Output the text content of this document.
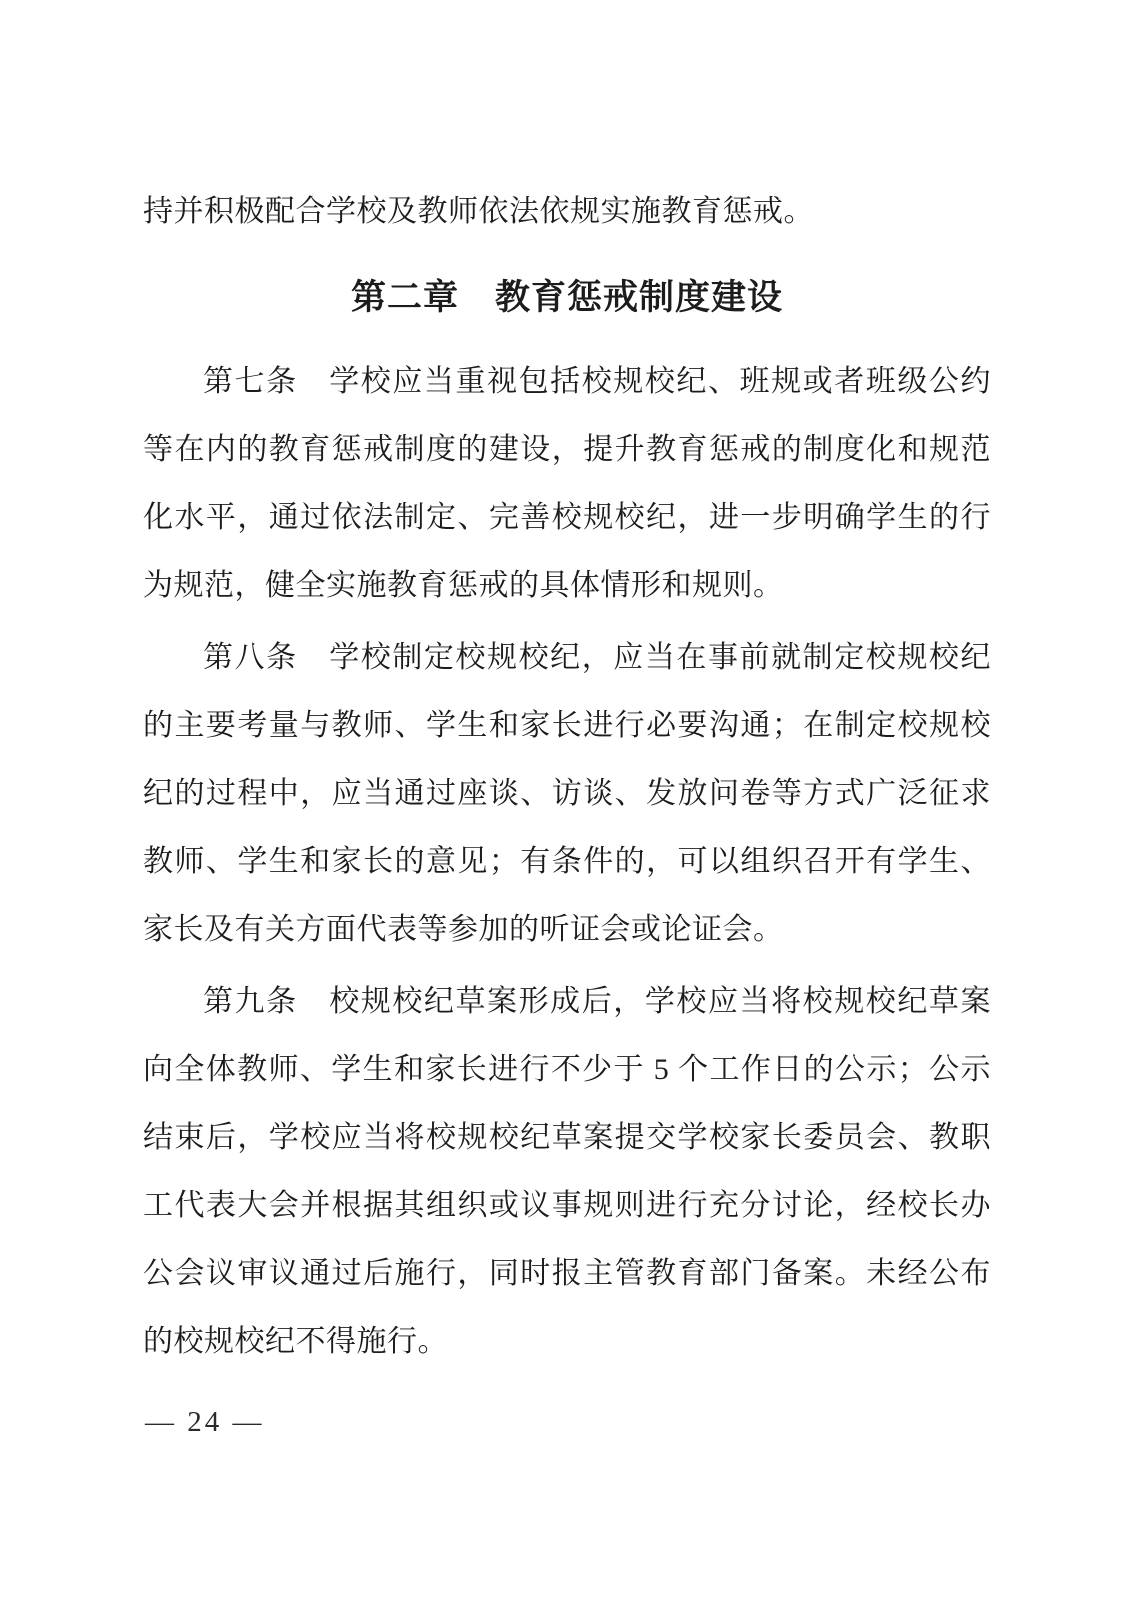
持并积极配合学校及教师依法依规实施教育惩戒。

第二章　教育惩戒制度建设

第七条　学校应当重视包括校规校纪、班规或者班级公约等在内的教育惩戒制度的建设，提升教育惩戒的制度化和规范化水平，通过依法制定、完善校规校纪，进一步明确学生的行为规范，健全实施教育惩戒的具体情形和规则。

第八条　学校制定校规校纪，应当在事前就制定校规校纪的主要考量与教师、学生和家长进行必要沟通；在制定校规校纪的过程中，应当通过座谈、访谈、发放问卷等方式广泛征求教师、学生和家长的意见；有条件的，可以组织召开有学生、家长及有关方面代表等参加的听证会或论证会。

第九条　校规校纪草案形成后，学校应当将校规校纪草案向全体教师、学生和家长进行不少于 5 个工作日的公示；公示结束后，学校应当将校规校纪草案提交学校家长委员会、教职工代表大会并根据其组织或议事规则进行充分讨论，经校长办公会议审议通过后施行，同时报主管教育部门备案。未经公布的校规校纪不得施行。

— 24 —
